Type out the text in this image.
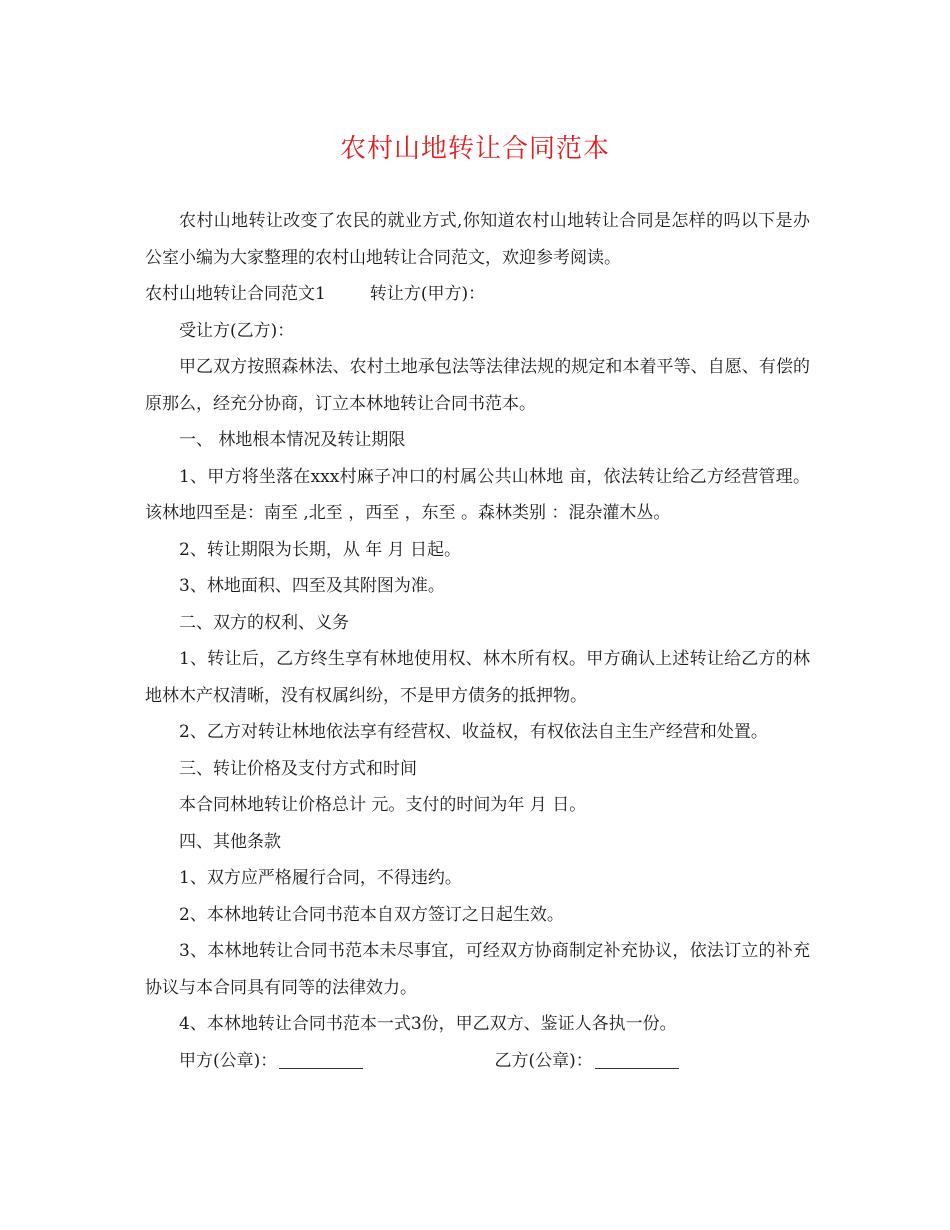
农村山地转让合同范本

农村山地转让改变了农民的就业方式,你知道农村山地转让合同是怎样的吗以下是办公室小编为大家整理的农村山地转让合同范文，欢迎参考阅读。

农村山地转让合同范文1	转让方(甲方)：

受让方(乙方)：

甲乙双方按照森林法、农村土地承包法等法律法规的规定和本着平等、自愿、有偿的原那么，经充分协商，订立本林地转让合同书范本。

一、 林地根本情况及转让期限

1、甲方将坐落在xxx村麻子冲口的村属公共山林地 亩，依法转让给乙方经营管理。该林地四至是：南至 ,北至 ，西至 ，东至 。森林类别 ：混杂灌木丛。

2、转让期限为长期，从 年 月 日起。

3、林地面积、四至及其附图为准。

二、双方的权利、义务

1、转让后，乙方终生享有林地使用权、林木所有权。甲方确认上述转让给乙方的林地林木产权清晰，没有权属纠纷，不是甲方债务的抵押物。

2、乙方对转让林地依法享有经营权、收益权，有权依法自主生产经营和处置。

三、转让价格及支付方式和时间

本合同林地转让价格总计 元。支付的时间为年 月 日。

四、其他条款

1、双方应严格履行合同，不得违约。

2、本林地转让合同书范本自双方签订之日起生效。

3、本林地转让合同书范本未尽事宜，可经双方协商制定补充协议，依法订立的补充协议与本合同具有同等的法律效力。

4、本林地转让合同书范本一式3份，甲乙双方、鉴证人各执一份。

甲方(公章)：	乙方(公章)：
